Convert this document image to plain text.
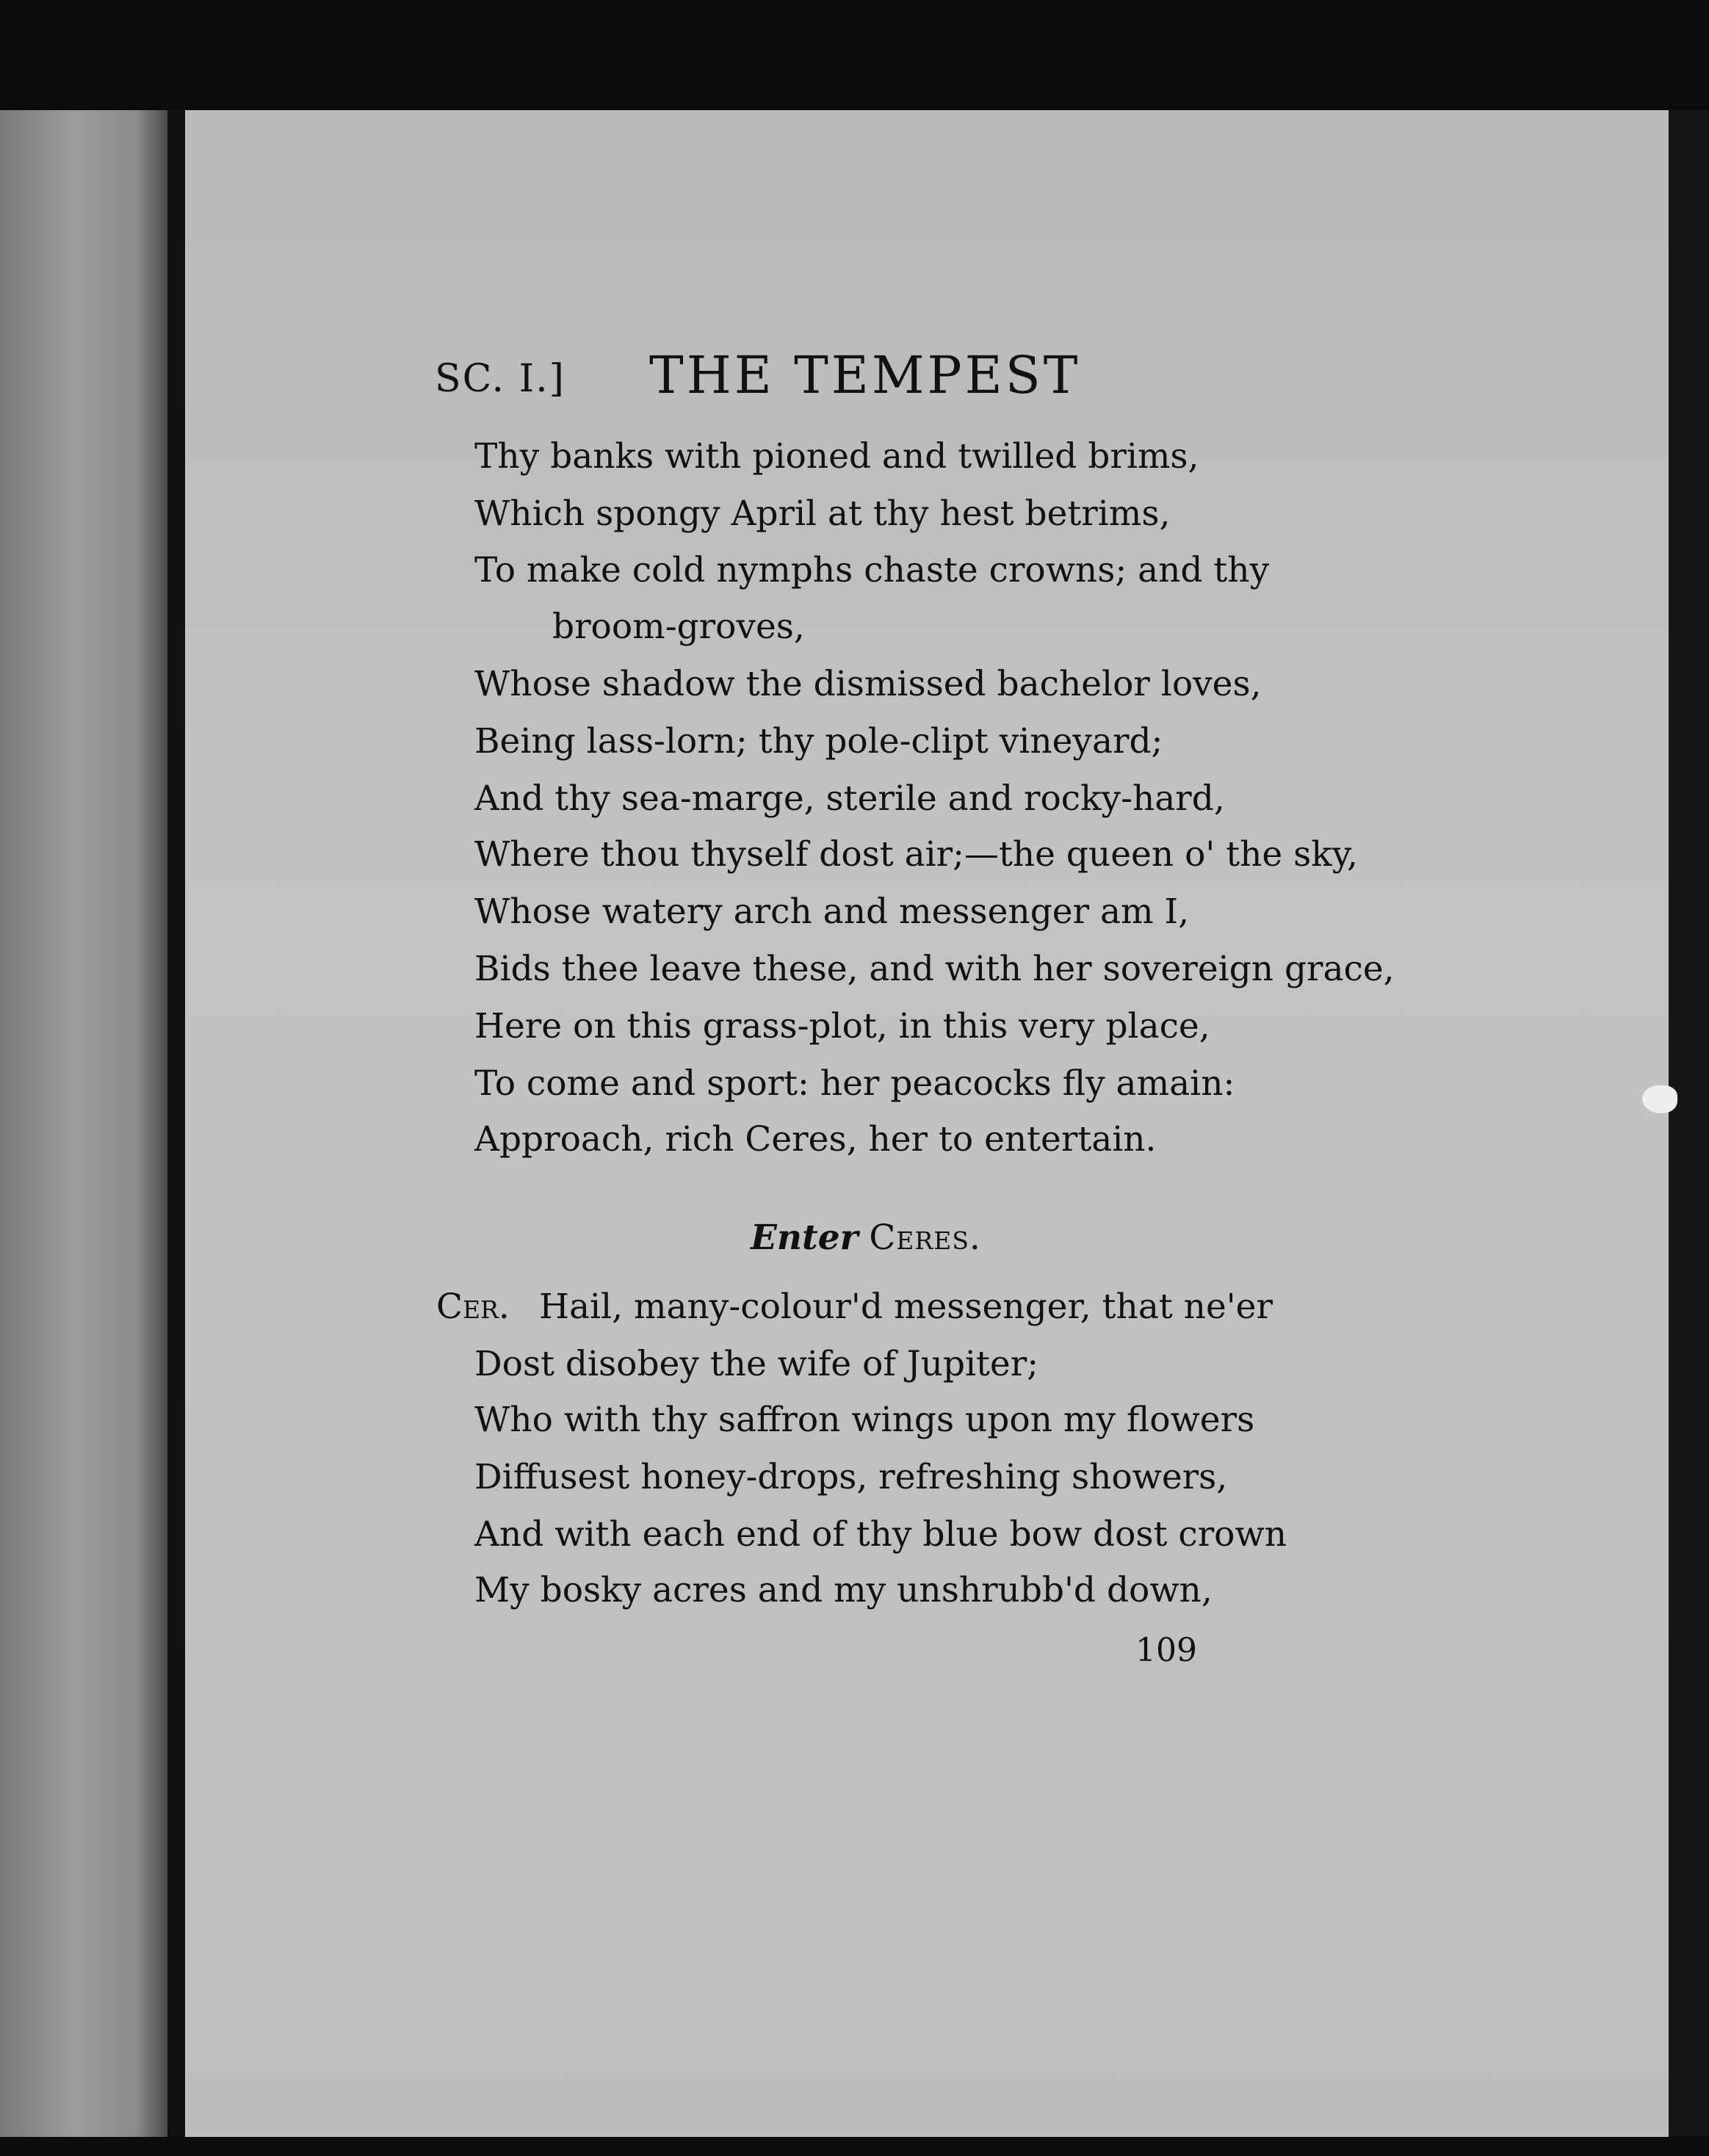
SC. I.] THE TEMPEST
Thy banks with pioned and twilled brims,
Which spongy April at thy hest betrims,
To make cold nymphs chaste crowns; and thy
broom-groves,
Whose shadow the dismissed bachelor loves,
Being lass-lorn; thy pole-clipt vineyard;
And thy sea-marge, sterile and rocky-hard,
Where thou thyself dost air;—the queen o' the sky,
Whose watery arch and messenger am I,
Bids thee leave these, and with her sovereign grace,
Here on this grass-plot, in this very place,
To come and sport: her peacocks fly amain:
Approach, rich Ceres, her to entertain.
Enter Ceres.
Cer. Hail, many-colour'd messenger, that ne'er
Dost disobey the wife of Jupiter;
Who with thy saffron wings upon my flowers
Diffusest honey-drops, refreshing showers,
And with each end of thy blue bow dost crown
My bosky acres and my unshrubb'd down,
109
